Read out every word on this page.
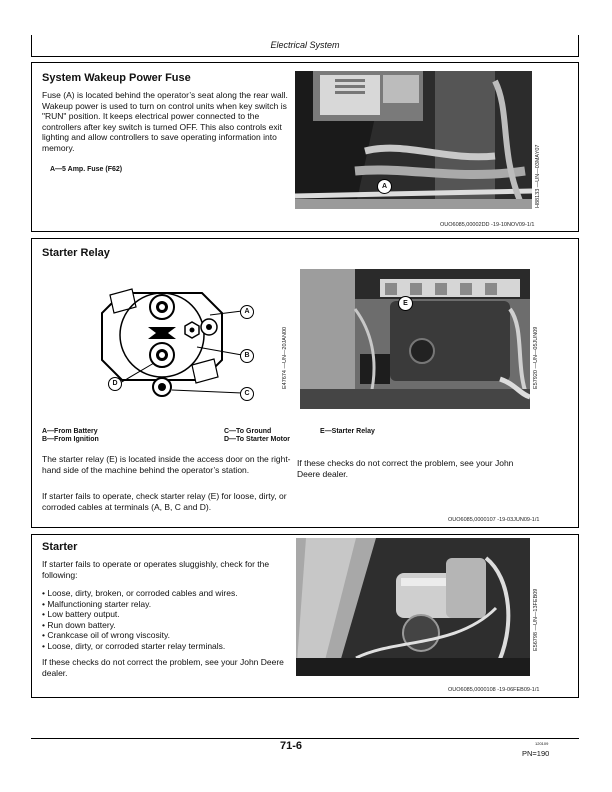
Electrical System
System Wakeup Power Fuse
Fuse (A) is located behind the operator’s seat along the rear wall. Wakeup power is used to turn on control units when key switch is "RUN" position. It keeps electrical power connected to the controllers after key switch is turned OFF. This also controls exit lighting and allow controllers to save operating information into memory.
A—5 Amp. Fuse (F62)
A	H88133 —UN—03MAY07
OUO6085,00002DD -19-10NOV09-1/1
Starter Relay
A
B
C
D	E47674 —UN—20JAN00
E
E57920 —UN—05JUN09
A—From Battery
B—From Ignition
C—To Ground
D—To Starter Motor
E—Starter Relay
The starter relay (E) is located inside the access door on the right-hand side of the machine behind the operator’s station.
If starter fails to operate, check starter relay (E) for loose, dirty, or corroded cables at terminals (A, B, C and D).
If these checks do not correct the problem, see your John Deere dealer.
OUO6085,0000107 -19-03JUN09-1/1
Starter
If starter fails to operate or operates sluggishly, check for the following:
• Loose, dirty, broken, or corroded cables and wires.
• Malfunctioning starter relay.
• Low battery output.
• Run down battery.
• Crankcase oil of wrong viscosity.
• Loose, dirty, or corroded starter relay terminals.
If these checks do not correct the problem, see your John Deere dealer.
E56798 —UN—13FEB09
OUO6085,0000108 -19-06FEB09-1/1
71-6	120109
PN=190
